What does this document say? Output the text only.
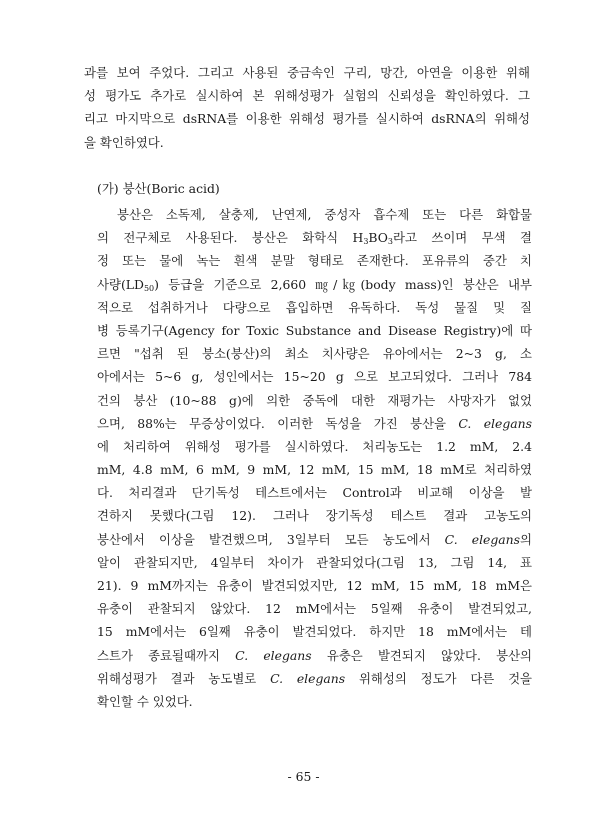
과를 보여 주었다. 그리고 사용된 중금속인 구리, 망간, 아연을 이용한 위해
성 평가도 추가로 실시하여 본 위해성평가 실험의 신뢰성을 확인하였다. 그
리고 마지막으로 dsRNA를 이용한 위해성 평가를 실시하여 dsRNA의 위해성
을 확인하였다.
(가) 붕산(Boric acid)
붕산은 소독제, 살충제, 난연제, 중성자 흡수제 또는 다른 화합물
의 전구체로 사용된다. 붕산은 화학식 $H_3BO_3$라고 쓰이며 무색 결
정 또는 물에 녹는 흰색 분말 형태로 존재한다. 포유류의 중간 치
사량$(LD_{50})$ 등급을 기준으로 2,660 ㎎/㎏(body mass)인 붕산은 내부
적으로 섭취하거나 다량으로 흡입하면 유독하다. 독성 물질 및 질
병 등록기구(Agency for Toxic Substance and Disease Registry)에 따
르면 "섭취 된 붕소(붕산)의 최소 치사량은 유아에서는 2~3 g, 소
아에서는 5~6 g, 성인에서는 15~20 g 으로 보고되었다. 그러나 784
건의 붕산 (10~88 g)에 의한 중독에 대한 재평가는 사망자가 없었
으며, 88%는 무증상이었다. 이러한 독성을 가진 붕산을 C. elegans
에 처리하여 위해성 평가를 실시하였다. 처리농도는 1.2 mM, 2.4
mM, 4.8 mM, 6 mM, 9 mM, 12 mM, 15 mM, 18 mM로 처리하였
다. 처리결과 단기독성 테스트에서는 Control과 비교해 이상을 발
견하지 못했다(그림 12). 그러나 장기독성 테스트 결과 고농도의
붕산에서 이상을 발견했으며, 3일부터 모든 농도에서 C. elegans의
알이 관찰되지만, 4일부터 차이가 관찰되었다(그림 13, 그림 14, 표
21). 9 mM까지는 유충이 발견되었지만, 12 mM, 15 mM, 18 mM은
유충이 관찰되지 않았다. 12 mM에서는 5일째 유충이 발견되었고,
15 mM에서는 6일째 유충이 발견되었다. 하지만 18 mM에서는 테
스트가 종료될때까지 C. elegans 유충은 발견되지 않았다. 붕산의
위해성평가 결과 농도별로 C. elegans 위해성의 정도가 다른 것을
확인할 수 있었다.
- 65 -
